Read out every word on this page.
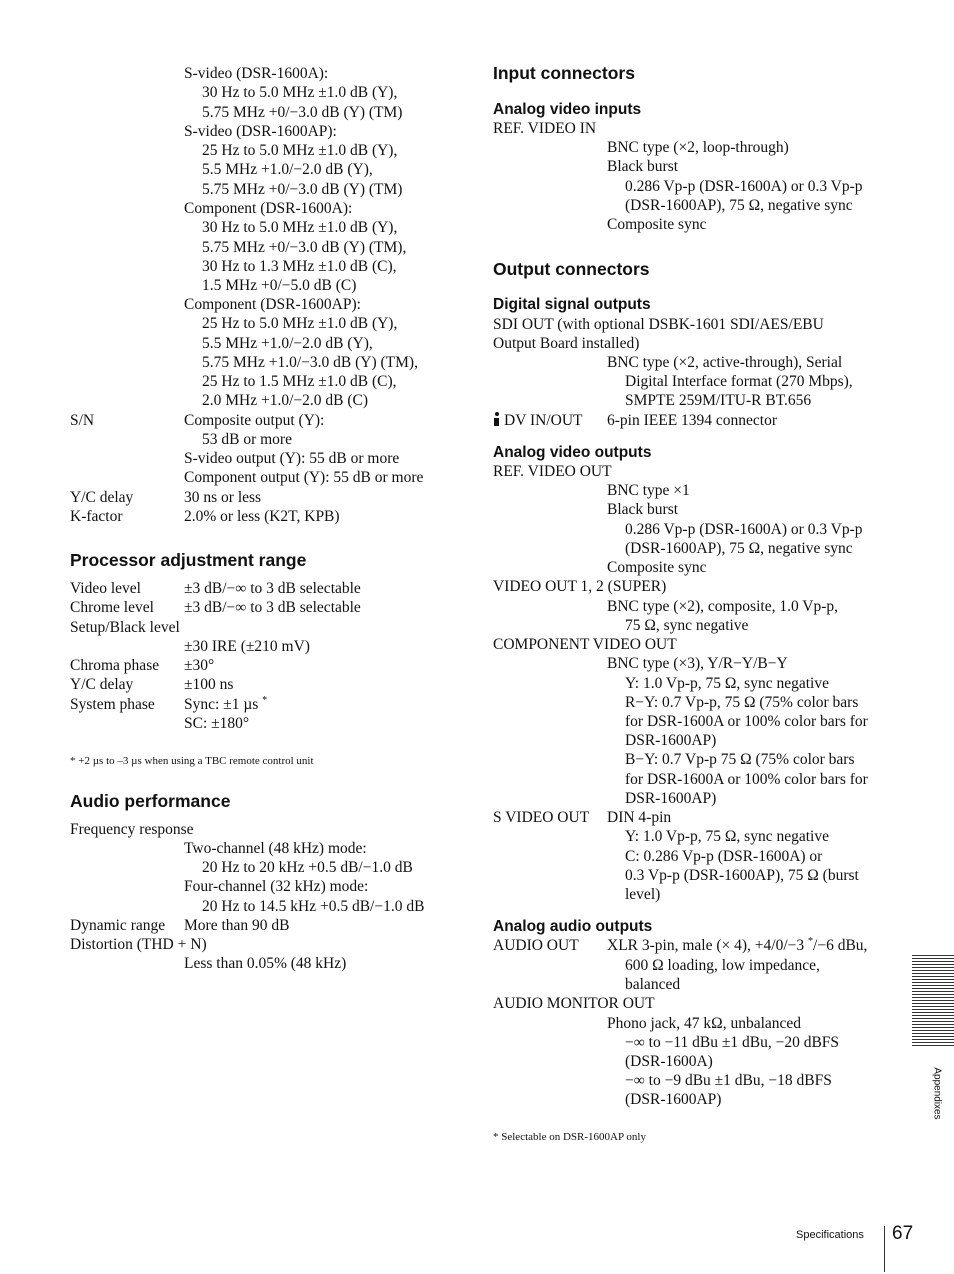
S-video (DSR-1600A):
30 Hz to 5.0 MHz ±1.0 dB (Y),
5.75 MHz +0/−3.0 dB (Y) (TM)
S-video (DSR-1600AP):
25 Hz to 5.0 MHz ±1.0 dB (Y),
5.5 MHz +1.0/−2.0 dB (Y),
5.75 MHz +0/−3.0 dB (Y) (TM)
Component (DSR-1600A):
30 Hz to 5.0 MHz ±1.0 dB (Y),
5.75 MHz +0/−3.0 dB (Y) (TM),
30 Hz to 1.3 MHz ±1.0 dB (C),
1.5 MHz +0/−5.0 dB (C)
Component (DSR-1600AP):
25 Hz to 5.0 MHz ±1.0 dB (Y),
5.5 MHz +1.0/−2.0 dB (Y),
5.75 MHz +1.0/−3.0 dB (Y) (TM),
25 Hz to 1.5 MHz ±1.0 dB (C),
2.0 MHz +1.0/−2.0 dB (C)
S/N	Composite output (Y):
53 dB or more
S-video output (Y): 55 dB or more
Component output (Y): 55 dB or more
Y/C delay	30 ns or less
K-factor	2.0% or less (K2T, KPB)
Processor adjustment range
Video level	±3 dB/−∞ to 3 dB selectable
Chrome level ±3 dB/−∞ to 3 dB selectable
Setup/Black level
±30 IRE (±210 mV)
Chroma phase ±30°
Y/C delay	±100 ns
System phase Sync: ±1 µs *
SC: ±180°
* +2 µs to –3 µs when using a TBC remote control unit
Audio performance
Frequency response
Two-channel (48 kHz) mode:
20 Hz to 20 kHz +0.5 dB/−1.0 dB
Four-channel (32 kHz) mode:
20 Hz to 14.5 kHz +0.5 dB/−1.0 dB
Dynamic range More than 90 dB
Distortion (THD + N)
Less than 0.05% (48 kHz)
Input connectors
Analog video inputs
REF. VIDEO IN
BNC type (×2, loop-through)
Black burst
0.286 Vp-p (DSR-1600A) or 0.3 Vp-p
(DSR-1600AP), 75 Ω, negative sync
Composite sync
Output connectors
Digital signal outputs
SDI OUT (with optional DSBK-1601 SDI/AES/EBU
Output Board installed)
BNC type (×2, active-through), Serial
Digital Interface format (270 Mbps),
SMPTE 259M/ITU-R BT.656
DV IN/OUT 6-pin IEEE 1394 connector
Analog video outputs
REF. VIDEO OUT
BNC type ×1
Black burst
0.286 Vp-p (DSR-1600A) or 0.3 Vp-p
(DSR-1600AP), 75 Ω, negative sync
Composite sync
VIDEO OUT 1, 2 (SUPER)
BNC type (×2), composite, 1.0 Vp-p,
75 Ω, sync negative
COMPONENT VIDEO OUT
BNC type (×3), Y/R−Y/B−Y
Y: 1.0 Vp-p, 75 Ω, sync negative
R−Y: 0.7 Vp-p, 75 Ω (75% color bars
for DSR-1600A or 100% color bars for
DSR-1600AP)
B−Y: 0.7 Vp-p 75 Ω (75% color bars
for DSR-1600A or 100% color bars for
DSR-1600AP)
S VIDEO OUT DIN 4-pin
Y: 1.0 Vp-p, 75 Ω, sync negative
C: 0.286 Vp-p (DSR-1600A) or
0.3 Vp-p (DSR-1600AP), 75 Ω (burst
level)
Analog audio outputs
AUDIO OUT XLR 3-pin, male (× 4), +4/0/−3 */−6 dBu,
600 Ω loading, low impedance,
balanced
AUDIO MONITOR OUT
Phono jack, 47 kΩ, unbalanced
−∞ to −11 dBu ±1 dBu, −20 dBFS
(DSR-1600A)
−∞ to −9 dBu ±1 dBu, −18 dBFS
(DSR-1600AP)
* Selectable on DSR-1600AP only
Appendixes
Specifications 67
